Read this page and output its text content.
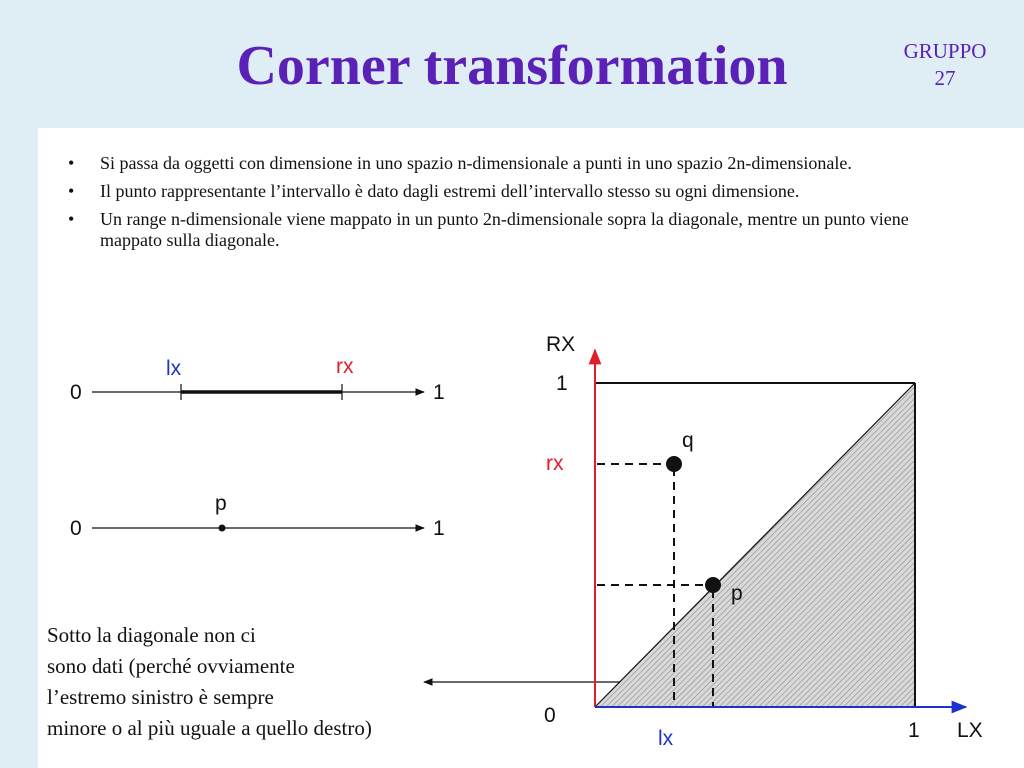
Corner transformation	GRUPPO
27
• Si passa da oggetti con dimensione in uno spazio n-dimensionale a punti in uno spazio 2n-dimensionale.
• Il punto rappresentante l’intervallo è dato dagli estremi dell’intervallo stesso su ogni dimensione.
• Un range n-dimensionale viene mappato in un punto 2n-dimensionale sopra la diagonale, mentre un punto viene mappato sulla diagonale.
Sotto la diagonale non ci
sono dati (perché ovviamente
l’estremo sinistro è sempre
minore o al più uguale a quello destro)
0	1
lx	rx
0	1
p
RX
1
rx
q
p
0
lx	1 LX
